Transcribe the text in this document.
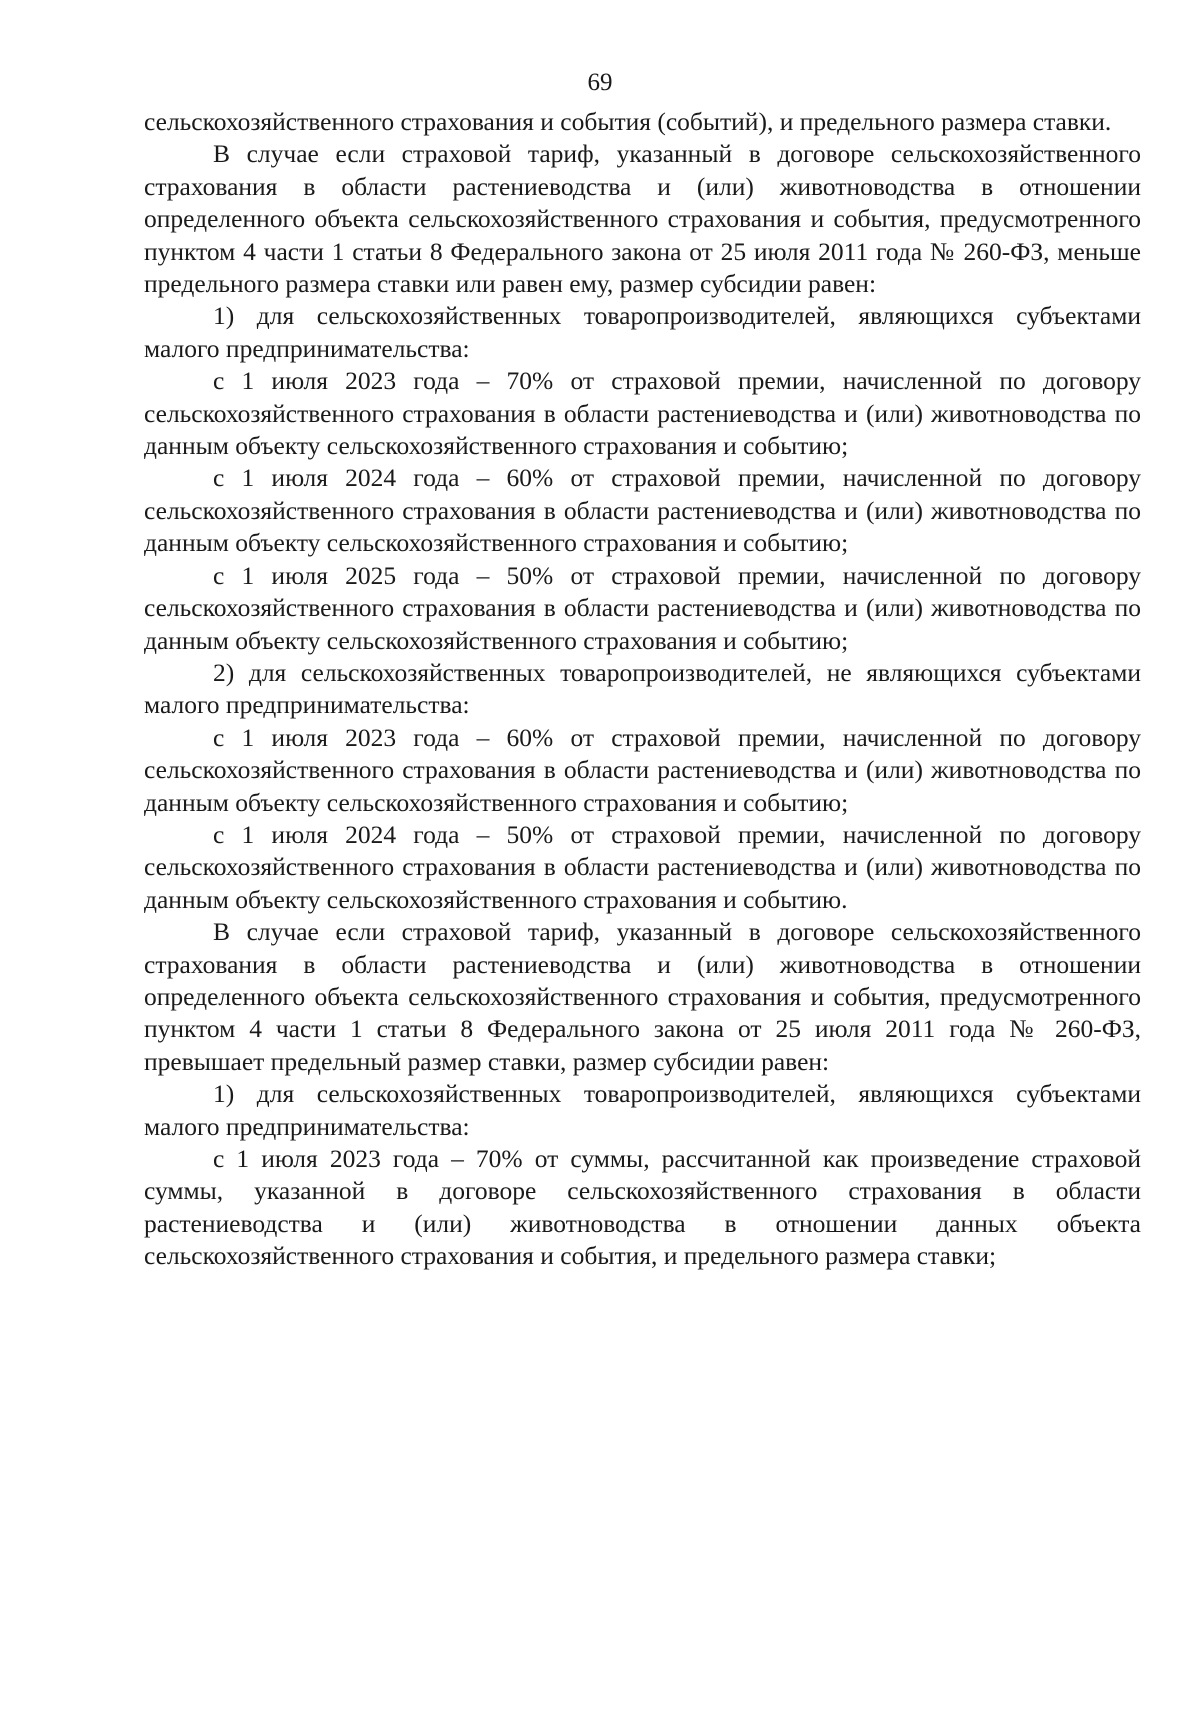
69

сельскохозяйственного страхования и события (событий), и предельного размера ставки.

В случае если страховой тариф, указанный в договоре сельскохозяйственного страхования в области растениеводства и (или) животноводства в отношении определенного объекта сельскохозяйственного страхования и события, предусмотренного пунктом 4 части 1 статьи 8 Федерального закона от 25 июля 2011 года № 260-ФЗ, меньше предельного размера ставки или равен ему, размер субсидии равен:

1) для сельскохозяйственных товаропроизводителей, являющихся субъектами малого предпринимательства:

с 1 июля 2023 года – 70% от страховой премии, начисленной по договору сельскохозяйственного страхования в области растениеводства и (или) животноводства по данным объекту сельскохозяйственного страхования и событию;

с 1 июля 2024 года – 60% от страховой премии, начисленной по договору сельскохозяйственного страхования в области растениеводства и (или) животноводства по данным объекту сельскохозяйственного страхования и событию;

с 1 июля 2025 года – 50% от страховой премии, начисленной по договору сельскохозяйственного страхования в области растениеводства и (или) животноводства по данным объекту сельскохозяйственного страхования и событию;

2) для сельскохозяйственных товаропроизводителей, не являющихся субъектами малого предпринимательства:

с 1 июля 2023 года – 60% от страховой премии, начисленной по договору сельскохозяйственного страхования в области растениеводства и (или) животноводства по данным объекту сельскохозяйственного страхования и событию;

с 1 июля 2024 года – 50% от страховой премии, начисленной по договору сельскохозяйственного страхования в области растениеводства и (или) животноводства по данным объекту сельскохозяйственного страхования и событию.

В случае если страховой тариф, указанный в договоре сельскохозяйственного страхования в области растениеводства и (или) животноводства в отношении определенного объекта сельскохозяйственного страхования и события, предусмотренного пунктом 4 части 1 статьи 8 Федерального закона от 25 июля 2011 года № 260-ФЗ, превышает предельный размер ставки, размер субсидии равен:

1) для сельскохозяйственных товаропроизводителей, являющихся субъектами малого предпринимательства:

с 1 июля 2023 года – 70% от суммы, рассчитанной как произведение страховой суммы, указанной в договоре сельскохозяйственного страхования в области растениеводства и (или) животноводства в отношении данных объекта сельскохозяйственного страхования и события, и предельного размера ставки;
